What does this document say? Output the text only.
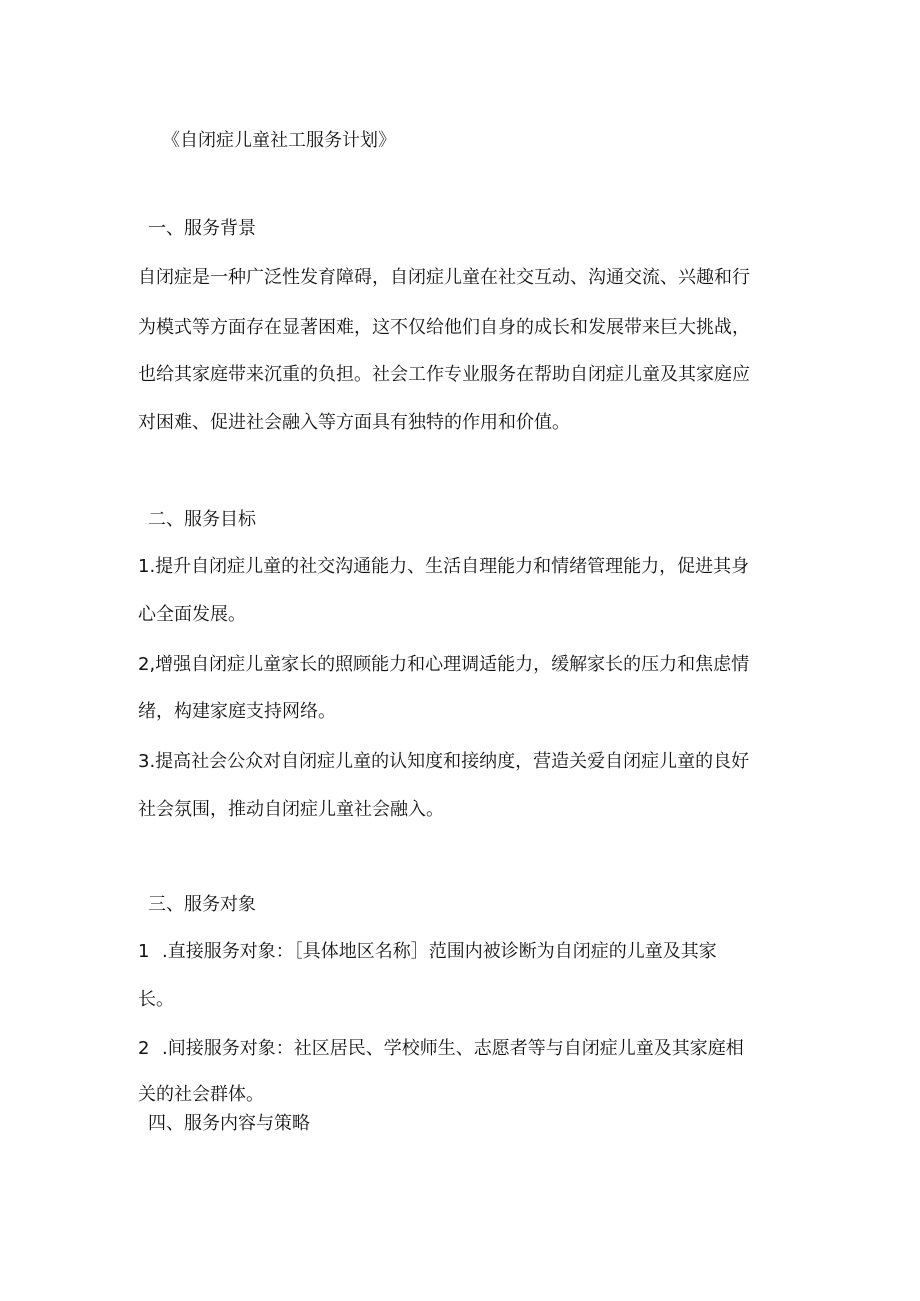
《自闭症儿童社工服务计划》
一、服务背景
自闭症是一种广泛性发育障碍，自闭症儿童在社交互动、沟通交流、兴趣和行
为模式等方面存在显著困难，这不仅给他们自身的成长和发展带来巨大挑战，
也给其家庭带来沉重的负担。社会工作专业服务在帮助自闭症儿童及其家庭应
对困难、促进社会融入等方面具有独特的作用和价值。
二、服务目标
1.提升自闭症儿童的社交沟通能力、生活自理能力和情绪管理能力，促进其身
心全面发展。
2,增强自闭症儿童家长的照顾能力和心理调适能力，缓解家长的压力和焦虑情
绪，构建家庭支持网络。
3.提高社会公众对自闭症儿童的认知度和接纳度，营造关爱自闭症儿童的良好
社会氛围，推动自闭症儿童社会融入。
三、服务对象
1 .直接服务对象：［具体地区名称］范围内被诊断为自闭症的儿童及其家
长。
2 .间接服务对象：社区居民、学校师生、志愿者等与自闭症儿童及其家庭相
关的社会群体。
四、服务内容与策略
